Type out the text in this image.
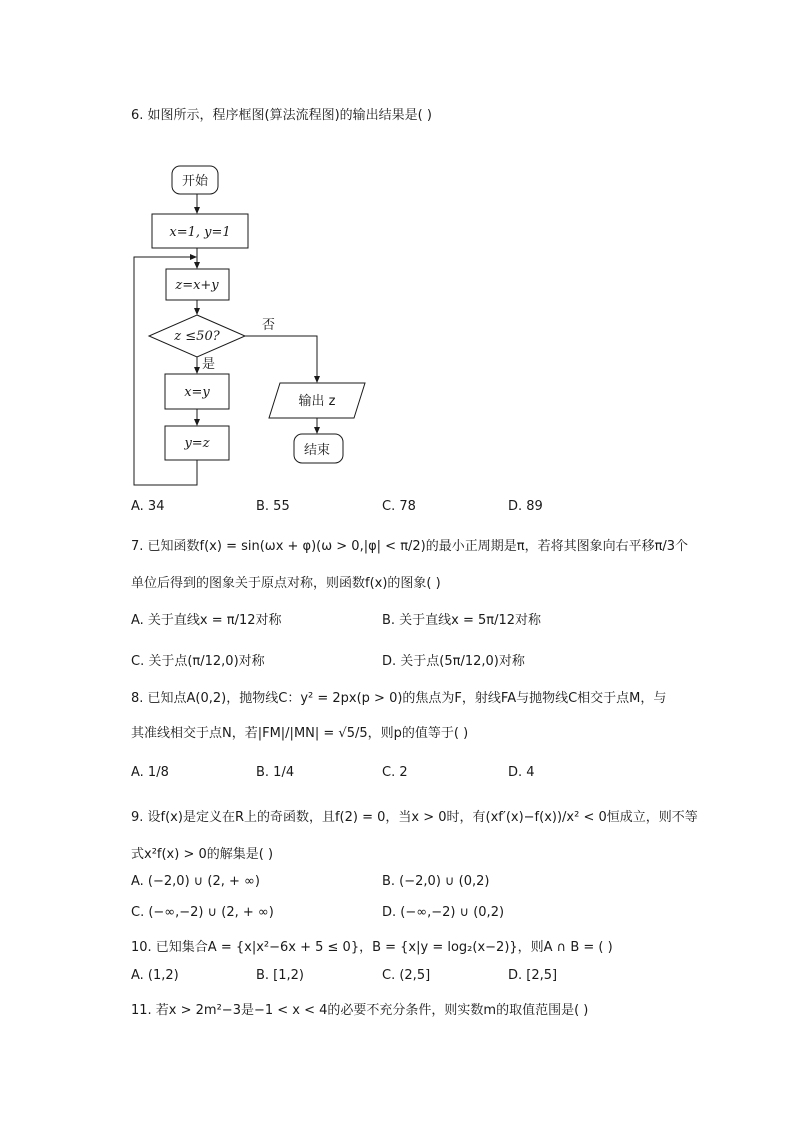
6. 如图所示，程序框图(算法流程图)的输出结果是( )
开始
x=1, y=1
z=x+y
z ≤50?
否
是
x=y
y=z
输出 z
结束
A. 34	B. 55	C. 78	D. 89
7. 已知函数f(x) = sin(ωx + φ)(ω > 0,|φ| < π/2)的最小正周期是π，若将其图象向右平移π/3个
单位后得到的图象关于原点对称，则函数f(x)的图象( )
A. 关于直线x = π/12对称	B. 关于直线x = 5π/12对称
C. 关于点(π/12,0)对称	D. 关于点(5π/12,0)对称
8. 已知点A(0,2)，抛物线C：y² = 2px(p > 0)的焦点为F，射线FA与抛物线C相交于点M，与
其准线相交于点N，若|FM|/|MN| = √5/5，则p的值等于( )
A. 1/8	B. 1/4	C. 2	D. 4
9. 设f(x)是定义在R上的奇函数，且f(2) = 0，当x > 0时，有(xf′(x)−f(x))/x² < 0恒成立，则不等
式x²f(x) > 0的解集是( )
A. (−2,0) ∪ (2, + ∞)	B. (−2,0) ∪ (0,2)
C. (−∞,−2) ∪ (2, + ∞)	D. (−∞,−2) ∪ (0,2)
10. 已知集合A = {x|x²−6x + 5 ≤ 0}，B = {x|y = log₂(x−2)}，则A ∩ B = ( )
A. (1,2)	B. [1,2)	C. (2,5]	D. [2,5]
11. 若x > 2m²−3是−1 < x < 4的必要不充分条件，则实数m的取值范围是( )
